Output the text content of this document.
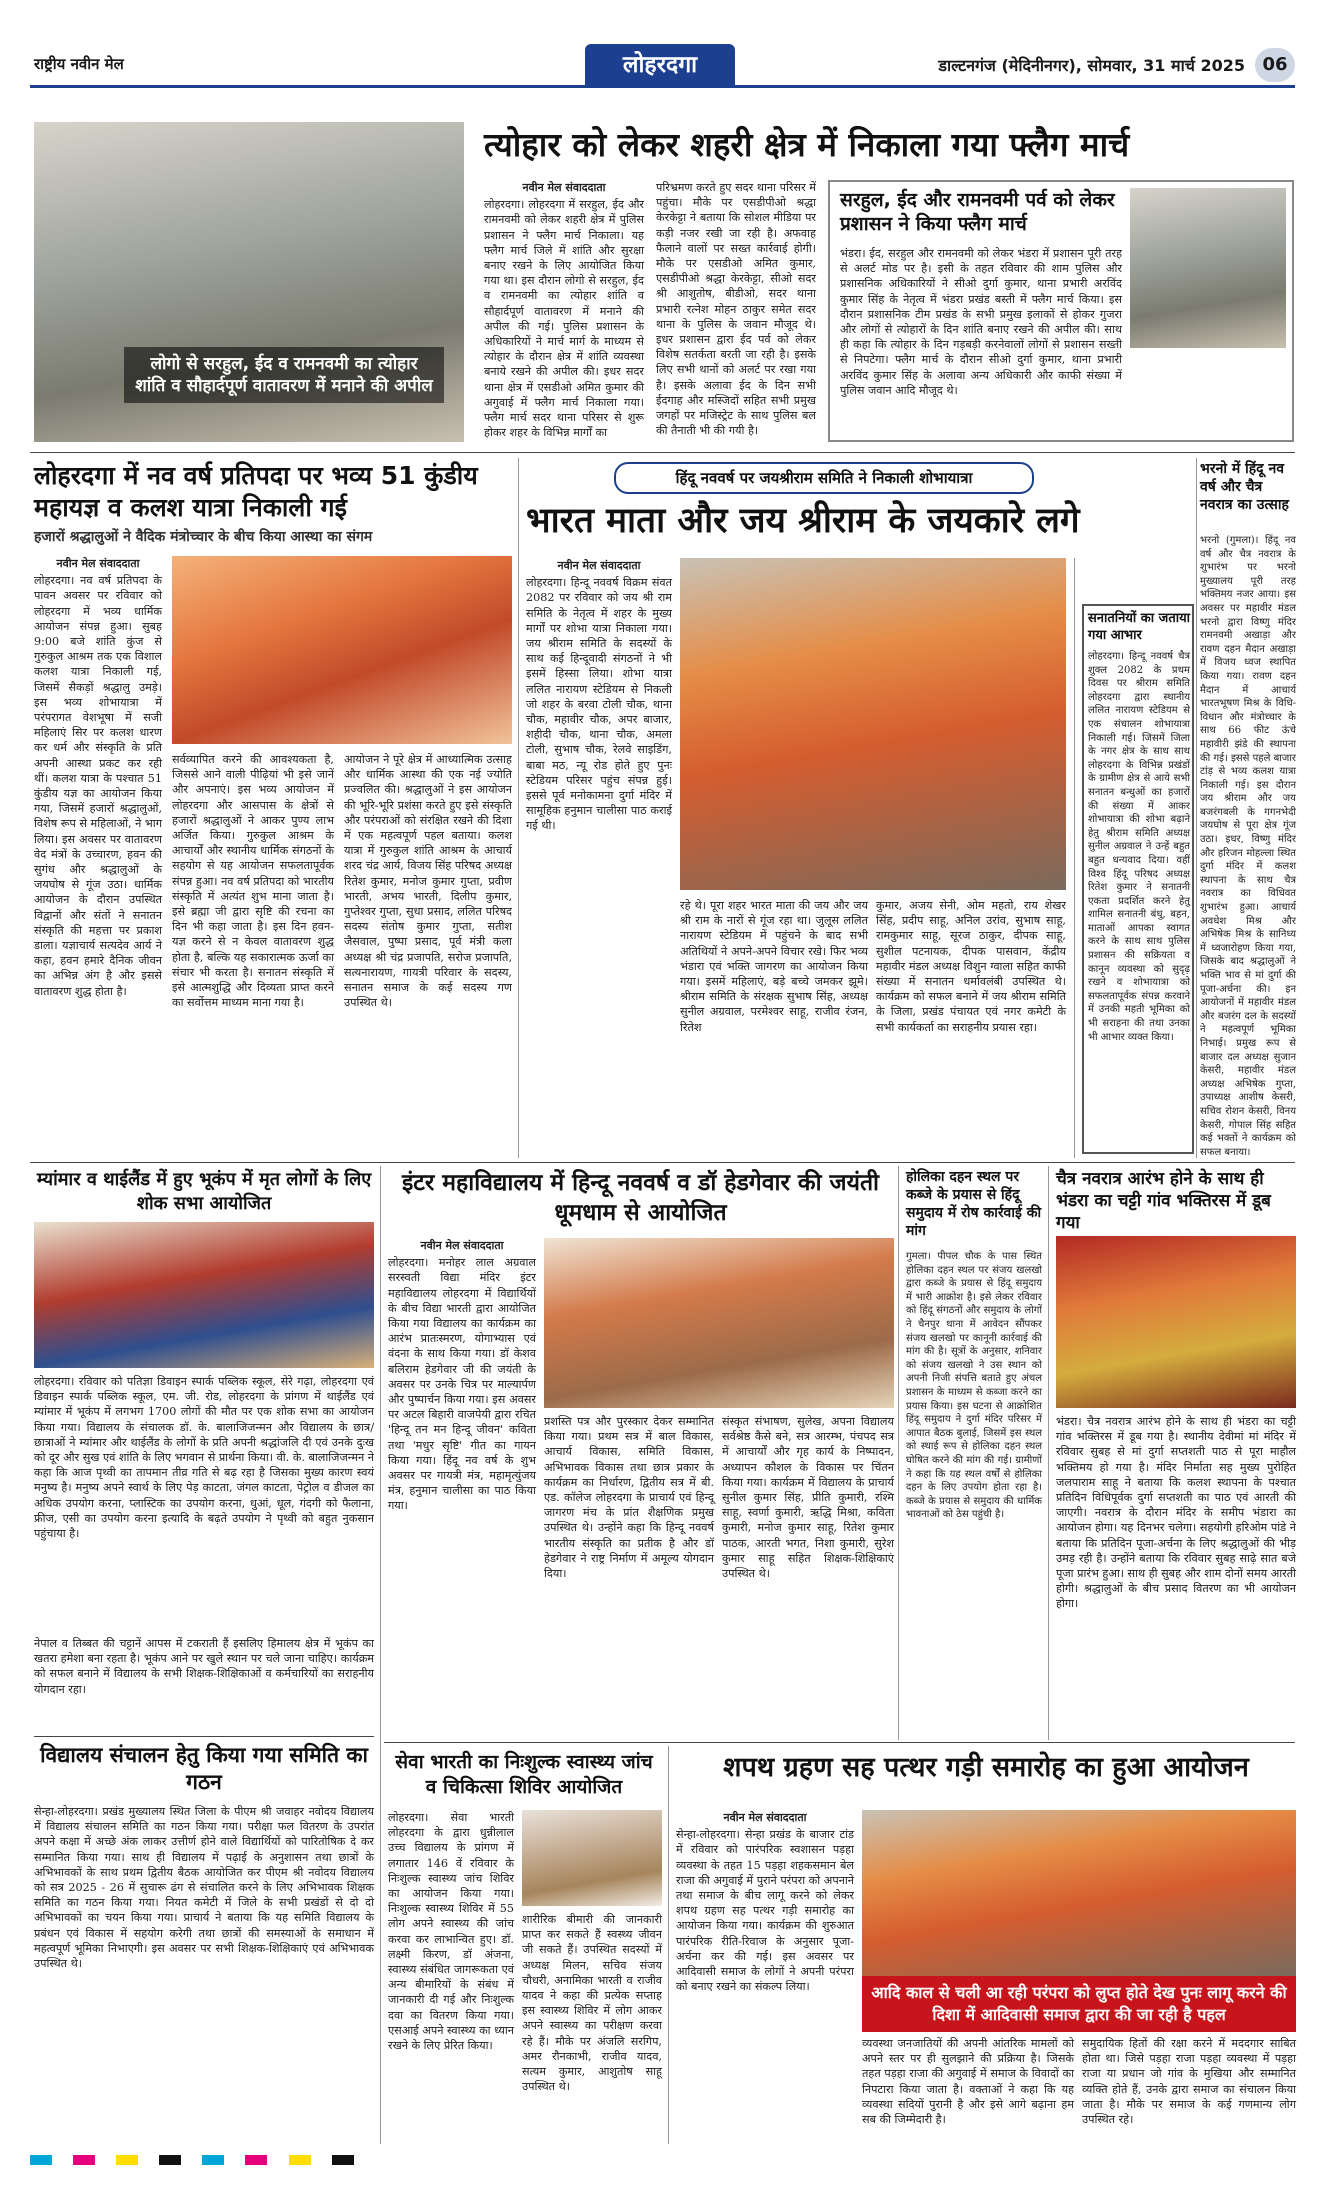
राष्ट्रीय नवीन मेल	लोहरदगा	डाल्टनगंज (मेदिनीनगर), सोमवार, 31 मार्च 2025 06
लोगो से सरहुल, ईद व रामनवमी का त्योहार शांति व सौहार्दपूर्ण वातावरण में मनाने की अपील
त्योहार को लेकर शहरी क्षेत्र में निकाला गया फ्लैग मार्च
नवीन मेल संवाददाता
लोहरदगा। लोहरदगा में सरहुल, ईद और रामनवमी को लेकर शहरी क्षेत्र में पुलिस प्रशासन ने फ्लैग मार्च निकाला। यह फ्लैग मार्च जिले में शांति और सुरक्षा बनाए रखने के लिए आयोजित किया गया था। इस दौरान लोगो से सरहुल, ईद व रामनवमी का त्योहार शांति व सौहार्दपूर्ण वातावरण में मनाने की अपील की गई। पुलिस प्रशासन के अधिकारियों ने मार्च मार्ग के माध्यम से त्योहार के दौरान क्षेत्र में शांति व्यवस्था बनाये रखने की अपील की। इधर सदर थाना क्षेत्र में एसडीओ अमित कुमार की अगुवाई में फ्लैग मार्च निकाला गया। फ्लैग मार्च सदर थाना परिसर से शुरू होकर शहर के विभिन्न मार्गों का
परिभ्रमण करते हुए सदर थाना परिसर में पहुंचा। मौके पर एसडीपीओ श्रद्धा केरकेट्टा ने बताया कि सोशल मीडिया पर कड़ी नजर रखी जा रही है। अफवाह फैलाने वालों पर सख्त कार्रवाई होगी। मौके पर एसडीओ अमित कुमार, एसडीपीओ श्रद्धा केरकेट्टा, सीओ सदर श्री आशुतोष, बीडीओ, सदर थाना प्रभारी रत्नेश मोहन ठाकुर समेत सदर थाना के पुलिस के जवान मौजूद थे। इधर प्रशासन द्वारा ईद पर्व को लेकर विशेष सतर्कता बरती जा रही है। इसके लिए सभी थानों को अलर्ट पर रखा गया है। इसके अलावा ईद के दिन सभी ईदगाह और मस्जिदों सहित सभी प्रमुख जगहों पर मजिस्ट्रेट के साथ पुलिस बल की तैनाती भी की गयी है।
सरहुल, ईद और रामनवमी पर्व को लेकर प्रशासन ने किया फ्लैग मार्च
भंडरा। ईद, सरहुल और रामनवमी को लेकर भंडरा में प्रशासन पूरी तरह से अलर्ट मोड पर है। इसी के तहत रविवार की शाम पुलिस और प्रशासनिक अधिकारियों ने सीओ दुर्गा कुमार, थाना प्रभारी अरविंद कुमार सिंह के नेतृत्व में भंडरा प्रखंड बस्ती में फ्लैग मार्च किया। इस दौरान प्रशासनिक टीम प्रखंड के सभी प्रमुख इलाकों से होकर गुजरा और लोगों से त्योहारों के दिन शांति बनाए रखने की अपील की। साथ ही कहा कि त्योहार के दिन गड़बड़ी करनेवालों लोगों से प्रशासन सख्ती से निपटेगा। फ्लैग मार्च के दौरान सीओ दुर्गा कुमार, थाना प्रभारी अरविंद कुमार सिंह के अलावा अन्य अधिकारी और काफी संख्या में पुलिस जवान आदि मौजूद थे।
लोहरदगा में नव वर्ष प्रतिपदा पर भव्य 51 कुंडीय महायज्ञ व कलश यात्रा निकाली गई
हजारों श्रद्धालुओं ने वैदिक मंत्रोच्चार के बीच किया आस्था का संगम
नवीन मेल संवाददाता
लोहरदगा। नव वर्ष प्रतिपदा के पावन अवसर पर रविवार को लोहरदगा में भव्य धार्मिक आयोजन संपन्न हुआ। सुबह 9:00 बजे शांति कुंज से गुरुकुल आश्रम तक एक विशाल कलश यात्रा निकाली गई, जिसमें सैकड़ों श्रद्धालु उमड़े। इस भव्य शोभायात्रा में परंपरागत वेशभूषा में सजी महिलाएं सिर पर कलश धारण कर धर्म और संस्कृति के प्रति अपनी आस्था प्रकट कर रही थीं। कलश यात्रा के पश्चात 51 कुंडीय यज्ञ का आयोजन किया गया, जिसमें हजारों श्रद्धालुओं, विशेष रूप से महिलाओं, ने भाग लिया। इस अवसर पर वातावरण वेद मंत्रों के उच्चारण, हवन की सुगंध और श्रद्धालुओं के जयघोष से गूंज उठा। धार्मिक आयोजन के दौरान उपस्थित विद्वानों और संतों ने सनातन संस्कृति की महत्ता पर प्रकाश डाला। यज्ञाचार्य सत्यदेव आर्य ने कहा, हवन हमारे दैनिक जीवन का अभिन्न अंग है और इससे वातावरण शुद्ध होता है।
सर्वव्यापित करने की आवश्यकता है, जिससे आने वाली पीढ़ियां भी इसे जानें और अपनाएं। इस भव्य आयोजन में लोहरदगा और आसपास के क्षेत्रों से हजारों श्रद्धालुओं ने आकर पुण्य लाभ अर्जित किया। गुरुकुल आश्रम के आचार्यों और स्थानीय धार्मिक संगठनों के सहयोग से यह आयोजन सफलतापूर्वक संपन्न हुआ। नव वर्ष प्रतिपदा को भारतीय संस्कृति में अत्यंत शुभ माना जाता है। इसे ब्रह्मा जी द्वारा सृष्टि की रचना का दिन भी कहा जाता है। इस दिन हवन-यज्ञ करने से न केवल वातावरण शुद्ध होता है, बल्कि यह सकारात्मक ऊर्जा का संचार भी करता है। सनातन संस्कृति में इसे आत्मशुद्धि और दिव्यता प्राप्त करने का सर्वोत्तम माध्यम माना गया है।
आयोजन ने पूरे क्षेत्र में आध्यात्मिक उत्साह और धार्मिक आस्था की एक नई ज्योति प्रज्वलित की। श्रद्धालुओं ने इस आयोजन की भूरि-भूरि प्रशंसा करते हुए इसे संस्कृति और परंपराओं को संरक्षित रखने की दिशा में एक महत्वपूर्ण पहल बताया। कलश यात्रा में गुरुकुल शांति आश्रम के आचार्य शरद चंद्र आर्य, विजय सिंह परिषद अध्यक्ष रितेश कुमार, मनोज कुमार गुप्ता, प्रवीण भारती, अभय भारती, दिलीप कुमार, गुप्तेश्वर गुप्ता, सुधा प्रसाद, ललित परिषद सदस्य संतोष कुमार गुप्ता, सतीश जैसवाल, पुष्पा प्रसाद, पूर्व मंत्री कला अध्यक्ष श्री चंद्र प्रजापति, सरोज प्रजापति, सत्यनारायण, गायत्री परिवार के सदस्य, सनातन समाज के कई सदस्य गण उपस्थित थे।
हिंदू नववर्ष पर जयश्रीराम समिति ने निकाली शोभायात्रा
भारत माता और जय श्रीराम के जयकारे लगे
नवीन मेल संवाददाता
लोहरदगा। हिन्दू नववर्ष विक्रम संवत 2082 पर रविवार को जय श्री राम समिति के नेतृत्व में शहर के मुख्य मार्गों पर शोभा यात्रा निकाला गया। जय श्रीराम समिति के सदस्यों के साथ कई हिन्दूवादी संगठनों ने भी इसमें हिस्सा लिया। शोभा यात्रा ललित नारायण स्टेडियम से निकली जो शहर के बरवा टोली चौक, थाना चौक, महावीर चौक, अपर बाजार, शहीदी चौक, थाना चौक, अमला टोली, सुभाष चौक, रेलवे साइडिंग, बाबा मठ, न्यू रोड होते हुए पुनः स्टेडियम परिसर पहुंच संपन्न हुई। इससे पूर्व मनोकामना दुर्गा मंदिर में सामूहिक हनुमान चालीसा पाठ कराई गई थी।
रहे थे। पूरा शहर भारत माता की जय और जय श्री राम के नारों से गूंज रहा था। जुलूस ललित नारायण स्टेडियम में पहुंचने के बाद सभी अतिथियों ने अपने-अपने विचार रखे। फिर भव्य भंडारा एवं भक्ति जागरण का आयोजन किया गया। इसमें महिलाएं, बड़े बच्चे जमकर झूमे। श्रीराम समिति के संरक्षक सुभाष सिंह, अध्यक्ष सुनील अग्रवाल, परमेश्वर साहू, राजीव रंजन, रितेश
कुमार, अजय सेनी, ओम महतो, राय शेखर सिंह, प्रदीप साहू, अनिल उरांव, सुभाष साहू, रामकुमार साहू, सूरज ठाकुर, दीपक साहू, सुशील पटनायक, दीपक पासवान, केंद्रीय महावीर मंडल अध्यक्ष विशुन ग्वाला सहित काफी संख्या में सनातन धर्मावलंबी उपस्थित थे। कार्यक्रम को सफल बनाने में जय श्रीराम समिति के जिला, प्रखंड पंचायत एवं नगर कमेटी के सभी कार्यकर्ता का सराहनीय प्रयास रहा।
भरनो में हिंदू नव वर्ष और चैत्र नवरात्र का उत्साह
भरनो (गुमला)। हिंदू नव वर्ष और चैत्र नवरात्र के शुभारंभ पर भरनो मुख्यालय पूरी तरह भक्तिमय नजर आया। इस अवसर पर महावीर मंडल भरनो द्वारा विष्णु मंदिर रामनवमी अखाड़ा और रावण दहन मैदान अखाड़ा में विजय ध्वज स्थापित किया गया। रावण दहन मैदान में आचार्य भारतभूषण मिश्र के विधि-विधान और मंत्रोच्चार के साथ 66 फीट ऊंचे महावीरी झंडे की स्थापना की गई। इससे पहले बाजार टांड़ से भव्य कलश यात्रा निकाली गई। इस दौरान जय श्रीराम और जय बजरंगबली के गगनभेदी जयघोष से पूरा क्षेत्र गूंज उठा। इधर, विष्णु मंदिर और हरिजन मोहल्ला स्थित दुर्गा मंदिर में कलश स्थापना के साथ चैत्र नवरात्र का विधिवत शुभारंभ हुआ। आचार्य अवधेश मिश्र और अभिषेक मिश्र के सानिध्य में ध्वजारोहण किया गया, जिसके बाद श्रद्धालुओं ने भक्ति भाव से मां दुर्गा की पूजा-अर्चना की। इन आयोजनों में महावीर मंडल और बजरंग दल के सदस्यों ने महत्वपूर्ण भूमिका निभाई। प्रमुख रूप से बाजार दल अध्यक्ष सुजान केसरी, महावीर मंडल अध्यक्ष अभिषेक गुप्ता, उपाध्यक्ष आशीष केसरी, सचिव रोशन केसरी, विनय केसरी, गोपाल सिंह सहित कई भक्तों ने कार्यक्रम को सफल बनाया।
सनातनियों का जताया गया आभार
लोहरदगा। हिन्दू नववर्ष चैत्र शुक्ल 2082 के प्रथम दिवस पर श्रीराम समिति लोहरदगा द्वारा स्थानीय ललित नारायण स्टेडियम से एक संचालन शोभायात्रा निकाली गई। जिसमें जिला के नगर क्षेत्र के साथ साथ लोहरदगा के विभिन्न प्रखंडों के ग्रामीण क्षेत्र से आये सभी सनातन बन्धुओं का हजारों की संख्या में आकर शोभायात्रा की शोभा बढ़ाने हेतु श्रीराम समिति अध्यक्ष सुनील अग्रवाल ने उन्हें बहुत बहुत धन्यवाद दिया। वहीं विश्व हिंदू परिषद अध्यक्ष रितेश कुमार ने सनातनी एकता प्रदर्शित करने हेतु शामिल सनातनी बंधु, बहन, माताओं आपका स्वागत करने के साथ साथ पुलिस प्रशासन की सक्रियता व कानून व्यवस्था को सुदृढ़ रखने व शोभायात्रा को सफलतापूर्वक संपन्न करवाने में उनकी महती भूमिका को भी सराहना की तथा उनका भी आभार व्यक्त किया।
म्यांमार व थाईलैंड में हुए भूकंप में मृत लोगों के लिए शोक सभा आयोजित
लोहरदगा। रविवार को पतिज्ञा डिवाइन स्पार्क पब्लिक स्कूल, सेरे गढ़ा, लोहरदगा एवं डिवाइन स्पार्क पब्लिक स्कूल, एम. जी. रोड, लोहरदगा के प्रांगण में थाईलैंड एवं म्यांमार में भूकंप में लगभग 1700 लोगों की मौत पर एक शोक सभा का आयोजन किया गया। विद्यालय के संचालक डॉ. के. बालाजिजन्मन और विद्यालय के छात्र/छात्राओं ने म्यांमार और थाईलैंड के लोगों के प्रति अपनी श्रद्धांजलि दी एवं उनके दुःख को दूर और सुख एवं शांति के लिए भगवान से प्रार्थना किया। वी. के. बालाजिजन्मन ने कहा कि आज पृथ्वी का तापमान तीव्र गति से बढ़ रहा है जिसका मुख्य कारण स्वयं मनुष्य है। मनुष्य अपने स्वार्थ के लिए पेड़ काटता, जंगल काटता, पेट्रोल व डीजल का अधिक उपयोग करना, प्लास्टिक का उपयोग करना, धुआं, धूल, गंदगी को फैलाना, फ्रीज, एसी का उपयोग करना इत्यादि के बढ़ते उपयोग ने पृथ्वी को बहुत नुकसान पहुंचाया है।
नेपाल व तिब्बत की चट्टानें आपस में टकराती हैं इसलिए हिमालय क्षेत्र में भूकंप का खतरा हमेशा बना रहता है। भूकंप आने पर खुले स्थान पर चले जाना चाहिए। कार्यक्रम को सफल बनाने में विद्यालय के सभी शिक्षक-शिक्षिकाओं व कर्मचारियों का सराहनीय योगदान रहा।
विद्यालय संचालन हेतु किया गया समिति का गठन
सेन्हा-लोहरदगा। प्रखंड मुख्यालय स्थित जिला के पीएम श्री जवाहर नवोदय विद्यालय में विद्यालय संचालन समिति का गठन किया गया। परीक्षा फल वितरण के उपरांत अपने कक्षा में अच्छे अंक लाकर उत्तीर्ण होने वाले विद्यार्थियों को पारितोषिक दे कर सम्मानित किया गया। साथ ही विद्यालय में पढ़ाई के अनुशासन तथा छात्रों के अभिभावकों के साथ प्रथम द्वितीय बैठक आयोजित कर पीएम श्री नवोदय विद्यालय को सत्र 2025 - 26 में सुचारू ढंग से संचालित करने के लिए अभिभावक शिक्षक समिति का गठन किया गया। नियत कमेटी में जिले के सभी प्रखंडों से दो दो अभिभावकों का चयन किया गया। प्राचार्य ने बताया कि यह समिति विद्यालय के प्रबंधन एवं विकास में सहयोग करेगी तथा छात्रों की समस्याओं के समाधान में महत्वपूर्ण भूमिका निभाएगी। इस अवसर पर सभी शिक्षक-शिक्षिकाएं एवं अभिभावक उपस्थित थे।
इंटर महाविद्यालय में हिन्दू नववर्ष व डॉ हेडगेवार की जयंती धूमधाम से आयोजित
नवीन मेल संवाददाता
लोहरदगा। मनोहर लाल अग्रवाल सरस्वती विद्या मंदिर इंटर महाविद्यालय लोहरदगा में विद्यार्थियों के बीच विद्या भारती द्वारा आयोजित किया गया विद्यालय का कार्यक्रम का आरंभ प्रातःस्मरण, योगाभ्यास एवं वंदना के साथ किया गया। डॉ केशव बलिराम हेडगेवार जी की जयंती के अवसर पर उनके चित्र पर माल्यार्पण और पुष्पार्चन किया गया। इस अवसर पर अटल बिहारी वाजपेयी द्वारा रचित 'हिन्दू तन मन हिन्दू जीवन' कविता तथा 'मधुर सृष्टि' गीत का गायन किया गया। हिंदू नव वर्ष के शुभ अवसर पर गायत्री मंत्र, महामृत्युंजय मंत्र, हनुमान चालीसा का पाठ किया गया।
प्रशस्ति पत्र और पुरस्कार देकर सम्मानित किया गया। प्रथम सत्र में बाल विकास, आचार्य विकास, समिति विकास, अभिभावक विकास तथा छात्र प्रकार के कार्यक्रम का निर्धारण, द्वितीय सत्र में बी. एड. कॉलेज लोहरदगा के प्राचार्य एवं हिन्दू जागरण मंच के प्रांत शैक्षणिक प्रमुख उपस्थित थे। उन्होंने कहा कि हिन्दू नववर्ष भारतीय संस्कृति का प्रतीक है और डॉ हेडगेवार ने राष्ट्र निर्माण में अमूल्य योगदान दिया।
संस्कृत संभाषण, सुलेख, अपना विद्यालय सर्वश्रेष्ठ कैसे बने, सत्र आरम्भ, पंचपद सत्र में आचार्यों और गृह कार्य के निष्पादन, अध्यापन कौशल के विकास पर चिंतन किया गया। कार्यक्रम में विद्यालय के प्राचार्य सुनील कुमार सिंह, प्रीति कुमारी, रश्मि साहू, स्वर्णा कुमारी, ऋद्धि मिश्रा, कविता कुमारी, मनोज कुमार साहू, रितेश कुमार पाठक, आरती भगत, निशा कुमारी, सुरेश कुमार साहू सहित शिक्षक-शिक्षिकाएं उपस्थित थे।
होलिका दहन स्थल पर कब्जे के प्रयास से हिंदू समुदाय में रोष कार्रवाई की मांग
गुमला। पीपल चौक के पास स्थित होलिका दहन स्थल पर संजय खलखो द्वारा कब्जे के प्रयास से हिंदू समुदाय में भारी आक्रोश है। इसे लेकर रविवार को हिंदू संगठनों और समुदाय के लोगों ने चैनपुर थाना में आवेदन सौंपकर संजय खलखो पर कानूनी कार्रवाई की मांग की है। सूत्रों के अनुसार, शनिवार को संजय खलखो ने उस स्थान को अपनी निजी संपत्ति बताते हुए अंचल प्रशासन के माध्यम से कब्जा करने का प्रयास किया। इस घटना से आक्रोशित हिंदू समुदाय ने दुर्गा मंदिर परिसर में आपात बैठक बुलाई, जिसमें इस स्थल को स्थाई रूप से होलिका दहन स्थल घोषित करने की मांग की गई। ग्रामीणों ने कहा कि यह स्थल वर्षों से होलिका दहन के लिए उपयोग होता रहा है। कब्जे के प्रयास से समुदाय की धार्मिक भावनाओं को ठेस पहुंची है।
चैत्र नवरात्र आरंभ होने के साथ ही भंडरा का चट्टी गांव भक्तिरस में डूब गया
भंडरा। चैत्र नवरात्र आरंभ होने के साथ ही भंडरा का चट्टी गांव भक्तिरस में डूब गया है। स्थानीय देवीमां मां मंदिर में रविवार सुबह से मां दुर्गा सप्तशती पाठ से पूरा माहौल भक्तिमय हो गया है। मंदिर निर्माता सह मुख्य पुरोहित जलपाराम साहू ने बताया कि कलश स्थापना के पश्चात प्रतिदिन विधिपूर्वक दुर्गा सप्तशती का पाठ एवं आरती की जाएगी। नवरात्र के दौरान मंदिर के समीप भंडारा का आयोजन होगा। यह दिनभर चलेगा। सहयोगी हरिओम पांडे ने बताया कि प्रतिदिन पूजा-अर्चना के लिए श्रद्धालुओं की भीड़ उमड़ रही है। उन्होंने बताया कि रविवार सुबह साढ़े सात बजे पूजा प्रारंभ हुआ। साथ ही सुबह और शाम दोनों समय आरती होगी। श्रद्धालुओं के बीच प्रसाद वितरण का भी आयोजन होगा।
सेवा भारती का निःशुल्क स्वास्थ्य जांच व चिकित्सा शिविर आयोजित
लोहरदगा। सेवा भारती लोहरदगा के द्वारा धुन्नीलाल उच्च विद्यालय के प्रांगण में लगातार 146 वें रविवार के निःशुल्क स्वास्थ्य जांच शिविर का आयोजन किया गया। निःशुल्क स्वास्थ्य शिविर में 55 लोग अपने स्वास्थ्य की जांच करवा कर लाभान्वित हुए। डॉ. लक्ष्मी किरण, डॉ अंजना, स्वास्थ्य संबंधित जागरूकता एवं अन्य बीमारियों के संबंध में जानकारी दी गई और निःशुल्क दवा का वितरण किया गया। एसआई अपने स्वास्थ्य का ध्यान रखने के लिए प्रेरित किया।
शारीरिक बीमारी की जानकारी प्राप्त कर सकते हैं स्वस्थ्य जीवन जी सकते हैं। उपस्थित सदस्यों में अध्यक्ष मिलन, सचिव संजय चौधरी, अनामिका भारती व राजीव यादव ने कहा की प्रत्येक सप्ताह इस स्वास्थ्य शिविर में लोग आकर अपने स्वास्थ्य का परीक्षण करवा रहे हैं। मौके पर अंजलि सरगिप, अमर रौनकाभी, राजीव यादव, सत्यम कुमार, आशुतोष साहू उपस्थित थे।
शपथ ग्रहण सह पत्थर गड़ी समारोह का हुआ आयोजन
नवीन मेल संवाददाता
सेन्हा-लोहरदगा। सेन्हा प्रखंड के बाजार टांड में रविवार को पारंपरिक स्वशासन पड़हा व्यवस्था के तहत 15 पड़हा शहकसमान बेल राजा की अगुवाई में पुराने परंपरा को अपनाने तथा समाज के बीच लागू करने को लेकर शपथ ग्रहण सह पत्थर गड़ी समारोह का आयोजन किया गया। कार्यक्रम की शुरुआत पारंपरिक रीति-रिवाज के अनुसार पूजा-अर्चना कर की गई। इस अवसर पर आदिवासी समाज के लोगों ने अपनी परंपरा को बनाए रखने का संकल्प लिया।	आदि काल से चली आ रही परंपरा को लुप्त होते देख पुनः लागू करने की दिशा में आदिवासी समाज द्वारा की जा रही है पहल
व्यवस्था जनजातियों की अपनी आंतरिक मामलों को अपने स्तर पर ही सुलझाने की प्रक्रिया है। जिसके तहत पड़हा राजा की अगुवाई में समाज के विवादों का निपटारा किया जाता है। वक्ताओं ने कहा कि यह व्यवस्था सदियों पुरानी है और इसे आगे बढ़ाना हम सब की जिम्मेदारी है।
समुदायिक हितों की रक्षा करने में मददगार साबित होता था। जिसे पड़हा राजा पड़हा व्यवस्था में पड़हा राजा या प्रधान जो गांव के मुखिया और सम्मानित व्यक्ति होते हैं, उनके द्वारा समाज का संचालन किया जाता है। मौके पर समाज के कई गणमान्य लोग उपस्थित रहे।
